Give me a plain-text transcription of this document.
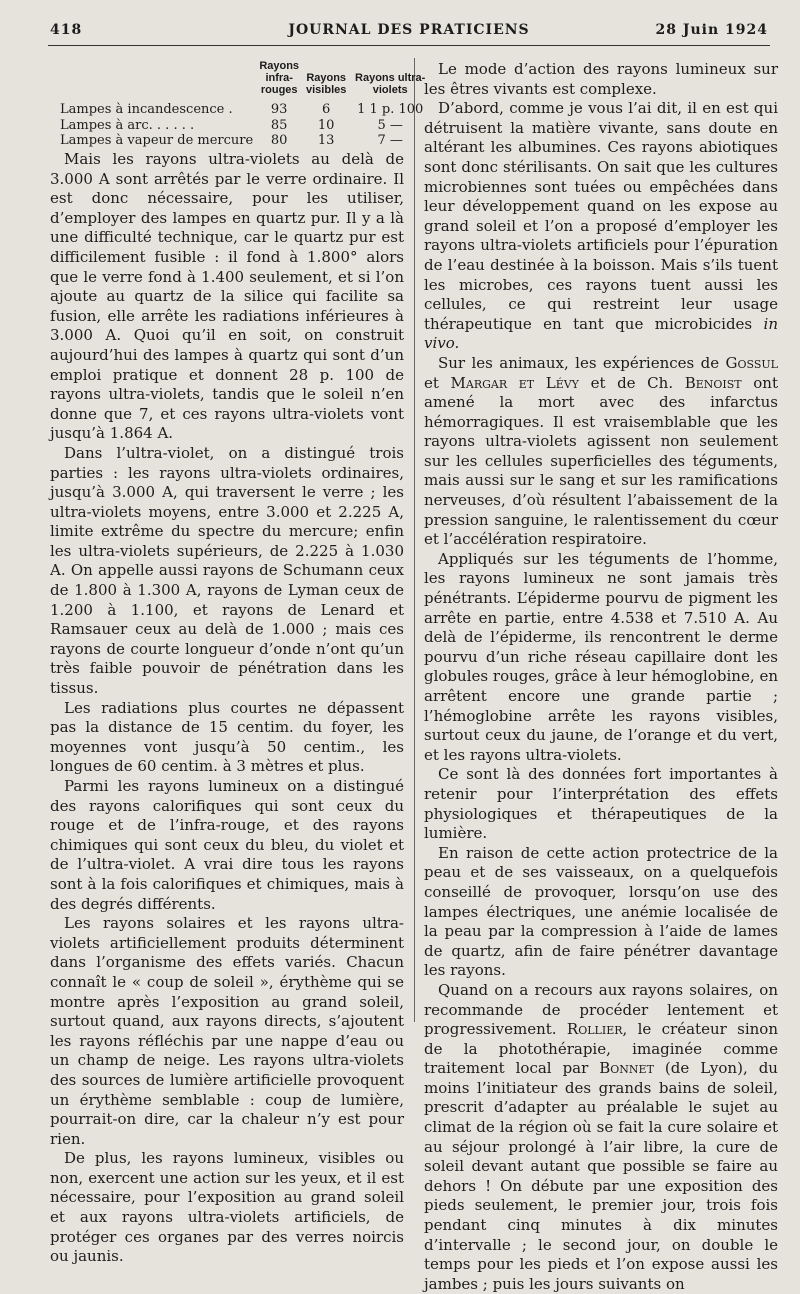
418	JOURNAL DES PRATICIENS	28 Juin 1924
	Rayons infra-rouges	Rayons visibles	Rayons ultra-violets
Lampes à incandescence .	93	6	1 1 p. 100
Lampes à arc. . . . . .	85	10	5 —
Lampes à vapeur de mercure	80	13	7 —

Mais les rayons ultra-violets au delà de 3.000 A sont arrêtés par le verre ordinaire. Il est donc nécessaire, pour les utiliser, d’employer des lampes en quartz pur. Il y a là une difficulté technique, car le quartz pur est difficilement fusible : il fond à 1.800° alors que le verre fond à 1.400 seulement, et si l’on ajoute au quartz de la silice qui facilite sa fusion, elle arrête les radiations inférieures à 3.000 A. Quoi qu’il en soit, on construit aujourd’hui des lampes à quartz qui sont d’un emploi pratique et donnent 28 p. 100 de rayons ultra-violets, tandis que le soleil n’en donne que 7, et ces rayons ultra-violets vont jusqu’à 1.864 A.

Dans l’ultra-violet, on a distingué trois parties : les rayons ultra-violets ordinaires, jusqu’à 3.000 A, qui traversent le verre ; les ultra-violets moyens, entre 3.000 et 2.225 A, limite extrême du spectre du mercure; enfin les ultra-violets supérieurs, de 2.225 à 1.030 A. On appelle aussi rayons de Schumann ceux de 1.800 à 1.300 A, rayons de Lyman ceux de 1.200 à 1.100, et rayons de Lenard et Ramsauer ceux au delà de 1.000 ; mais ces rayons de courte longueur d’onde n’ont qu’un très faible pouvoir de pénétration dans les tissus.

Les radiations plus courtes ne dépassent pas la distance de 15 centim. du foyer, les moyennes vont jusqu’à 50 centim., les longues de 60 centim. à 3 mètres et plus.

Parmi les rayons lumineux on a distingué des rayons calorifiques qui sont ceux du rouge et de l’infra-rouge, et des rayons chimiques qui sont ceux du bleu, du violet et de l’ultra-violet. A vrai dire tous les rayons sont à la fois calorifiques et chimiques, mais à des degrés différents.

Les rayons solaires et les rayons ultra-violets artificiellement produits déterminent dans l’organisme des effets variés. Chacun connaît le « coup de soleil », érythème qui se montre après l’exposition au grand soleil, surtout quand, aux rayons directs, s’ajoutent les rayons réfléchis par une nappe d’eau ou un champ de neige. Les rayons ultra-violets des sources de lumière artificielle provoquent un érythème semblable : coup de lumière, pourrait-on dire, car la chaleur n’y est pour rien.

De plus, les rayons lumineux, visibles ou non, exercent une action sur les yeux, et il est nécessaire, pour l’exposition au grand soleil et aux rayons ultra-violets artificiels, de protéger ces organes par des verres noircis ou jaunis.

Le mode d’action des rayons lumineux sur les êtres vivants est complexe.

D’abord, comme je vous l’ai dit, il en est qui détruisent la matière vivante, sans doute en altérant les albumines. Ces rayons abiotiques sont donc stérilisants. On sait que les cultures microbiennes sont tuées ou empêchées dans leur développement quand on les expose au grand soleil et l’on a proposé d’employer les rayons ultra-violets artificiels pour l’épuration de l’eau destinée à la boisson. Mais s’ils tuent les microbes, ces rayons tuent aussi les cellules, ce qui restreint leur usage thérapeutique en tant que microbicides in vivo.

Sur les animaux, les expériences de Gossul et Margar et Lévy et de Ch. Benoist ont amené la mort avec des infarctus hémorragiques. Il est vraisemblable que les rayons ultra-violets agissent non seulement sur les cellules superficielles des téguments, mais aussi sur le sang et sur les ramifications nerveuses, d’où résultent l’abaissement de la pression sanguine, le ralentissement du cœur et l’accélération respiratoire.

Appliqués sur les téguments de l’homme, les rayons lumineux ne sont jamais très pénétrants. L’épiderme pourvu de pigment les arrête en partie, entre 4.538 et 7.510 A. Au delà de l’épiderme, ils rencontrent le derme pourvu d’un riche réseau capillaire dont les globules rouges, grâce à leur hémoglobine, en arrêtent encore une grande partie ; l’hémoglobine arrête les rayons visibles, surtout ceux du jaune, de l’orange et du vert, et les rayons ultra-violets.

Ce sont là des données fort importantes à retenir pour l’interprétation des effets physiologiques et thérapeutiques de la lumière.

En raison de cette action protectrice de la peau et de ses vaisseaux, on a quelquefois conseillé de provoquer, lorsqu’on use des lampes électriques, une anémie localisée de la peau par la compression à l’aide de lames de quartz, afin de faire pénétrer davantage les rayons.

Quand on a recours aux rayons solaires, on recommande de procéder lentement et progressivement. Rollier, le créateur sinon de la photothérapie, imaginée comme traitement local par Bonnet (de Lyon), du moins l’initiateur des grands bains de soleil, prescrit d’adapter au préalable le sujet au climat de la région où se fait la cure solaire et au séjour prolongé à l’air libre, la cure de soleil devant autant que possible se faire au dehors ! On débute par une exposition des pieds seulement, le premier jour, trois fois pendant cinq minutes à dix minutes d’intervalle ; le second jour, on double le temps pour les pieds et l’on expose aussi les jambes ; puis les jours suivants on
